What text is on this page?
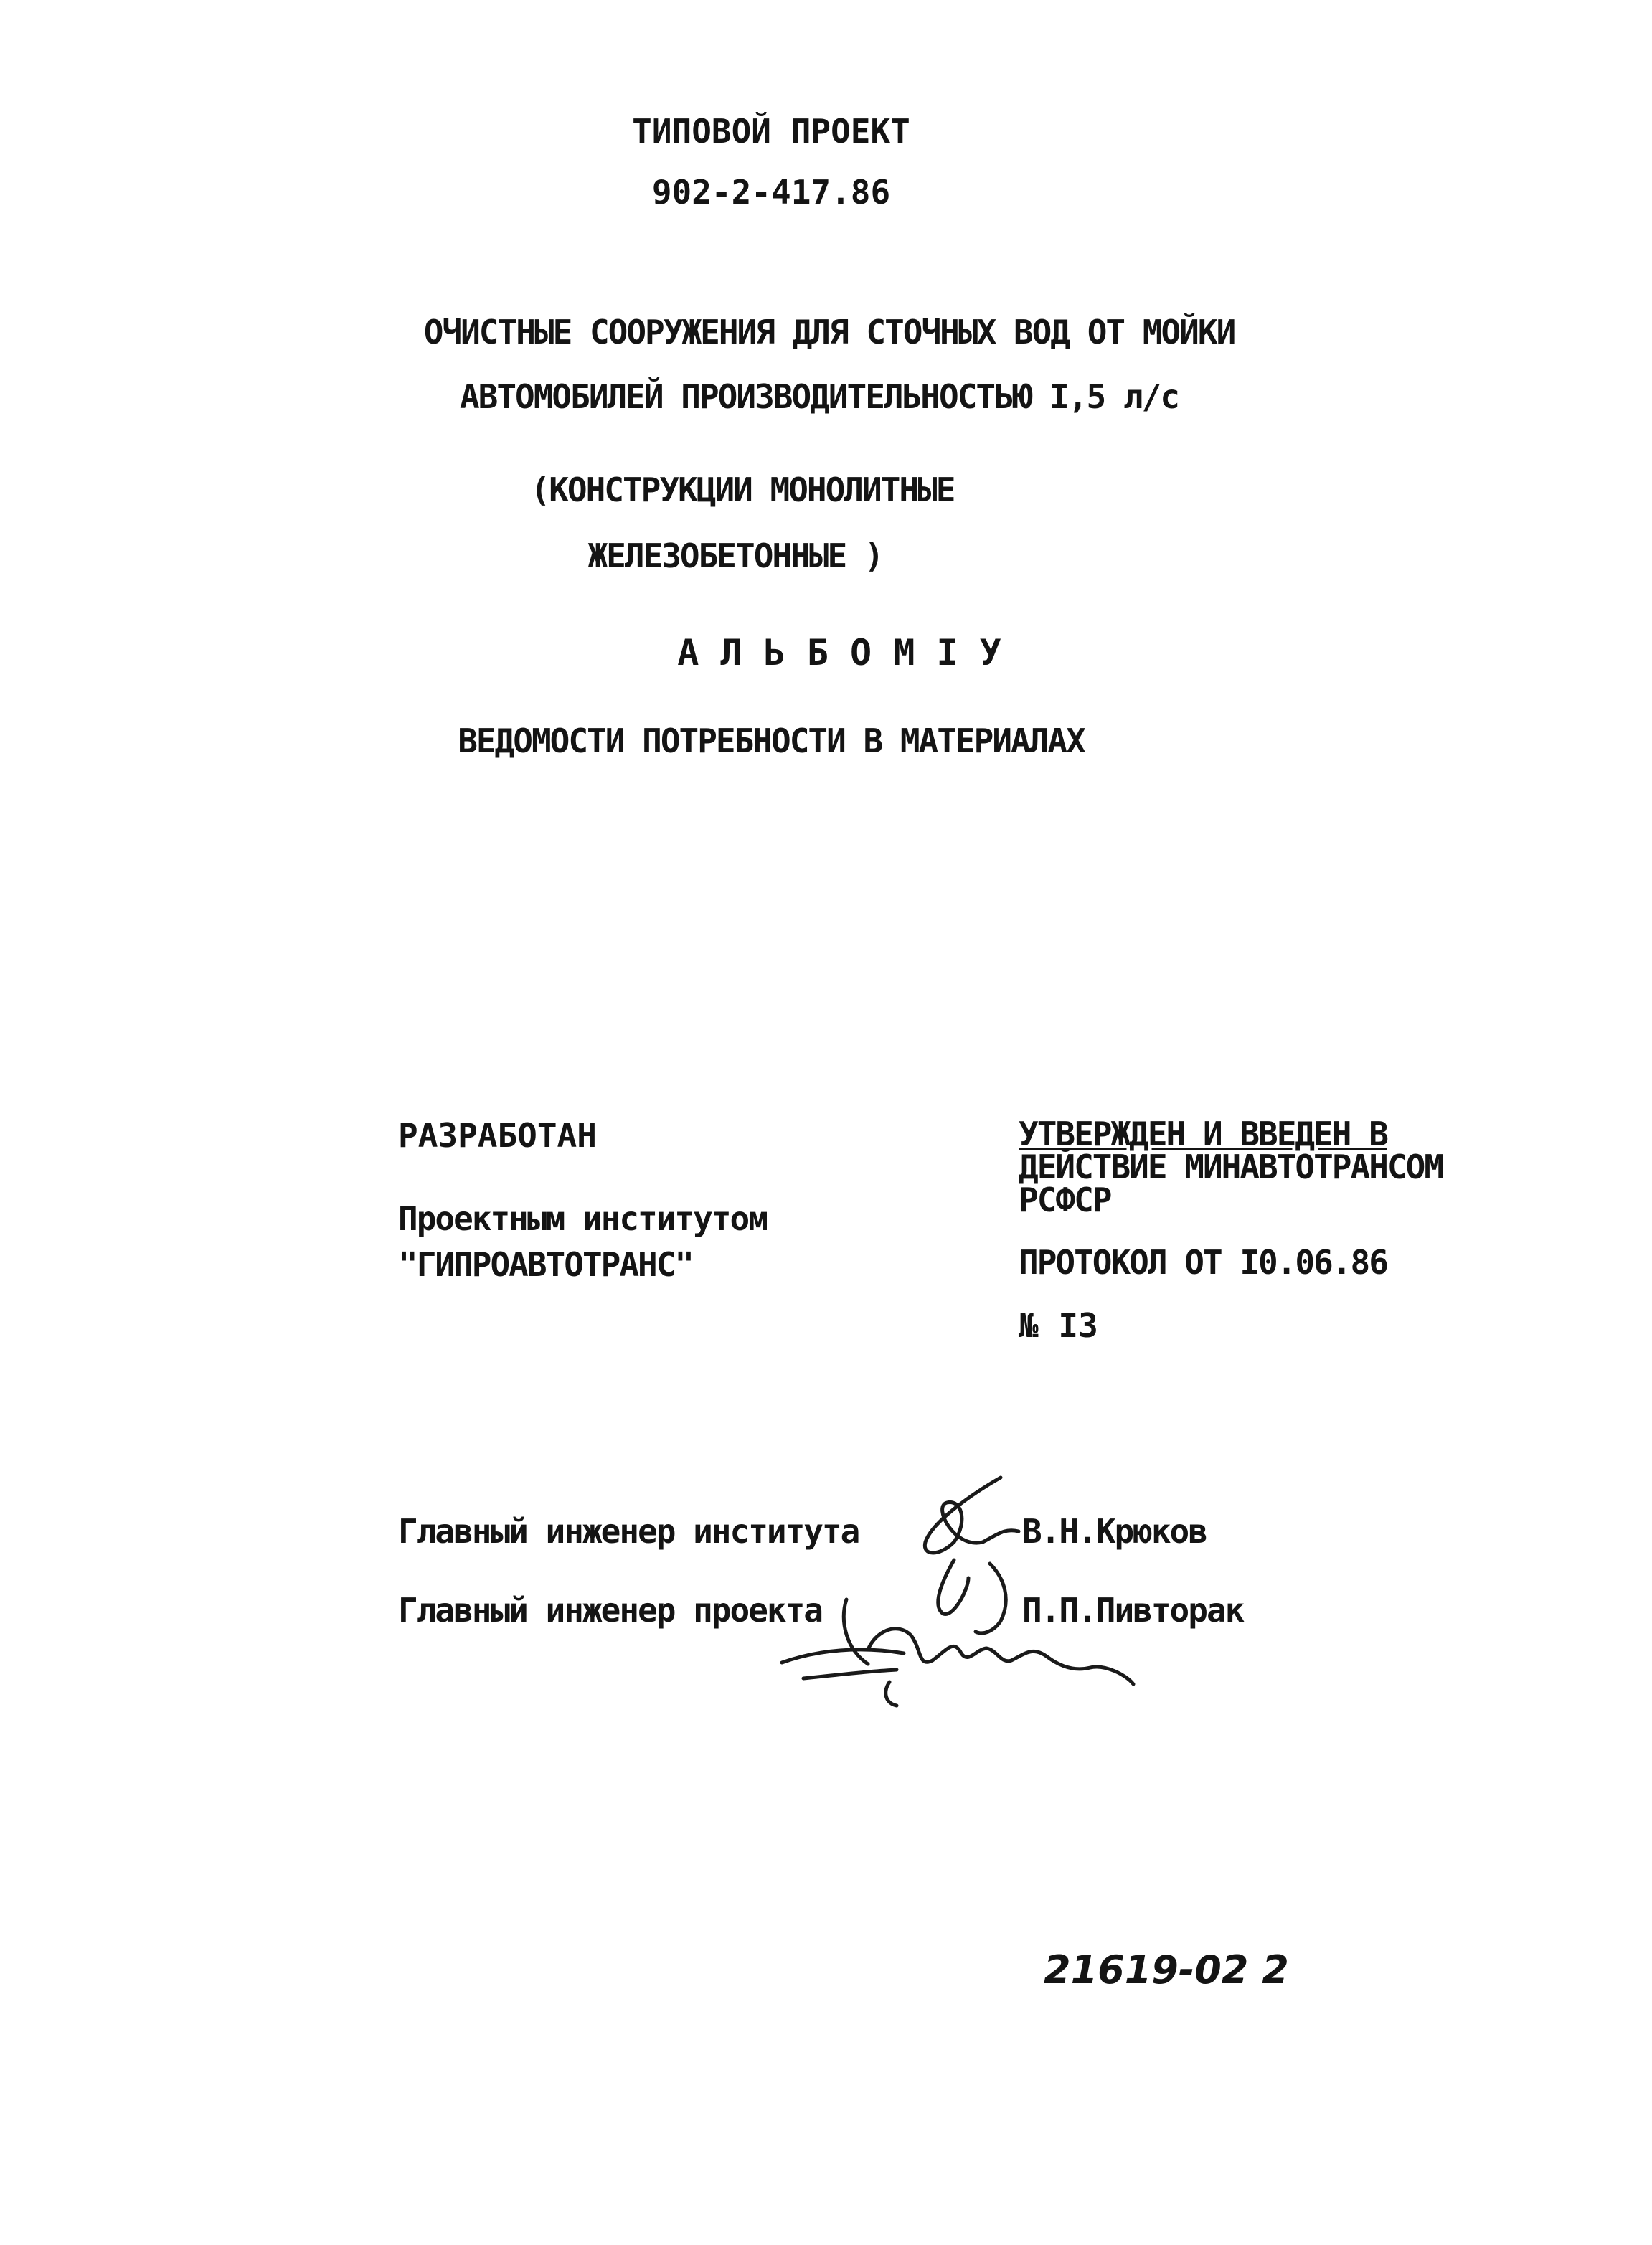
ТИПОВОЙ ПРОЕКТ
902-2-417.86
ОЧИСТНЫЕ СООРУЖЕНИЯ ДЛЯ СТОЧНЫХ ВОД ОТ МОЙКИ
АВТОМОБИЛЕЙ ПРОИЗВОДИТЕЛЬНОСТЬЮ I,5 л/с
(КОНСТРУКЦИИ МОНОЛИТНЫЕ
ЖЕЛЕЗОБЕТОННЫЕ )
А Л Ь Б О М I У
ВЕДОМОСТИ ПОТРЕБНОСТИ В МАТЕРИАЛАХ
РАЗРАБОТАН
Проектным институтом
"ГИПРОАВТОТРАНС"
УТВЕРЖДЕН И ВВЕДЕН В
ДЕЙСТВИЕ МИНАВТОТРАНСОМ
РСФСР
ПРОТОКОЛ ОТ I0.06.86
№ I3
Главный инженер института	В.Н.Крюков
Главный инженер проекта	П.П.Пивторак
21619-02 2
